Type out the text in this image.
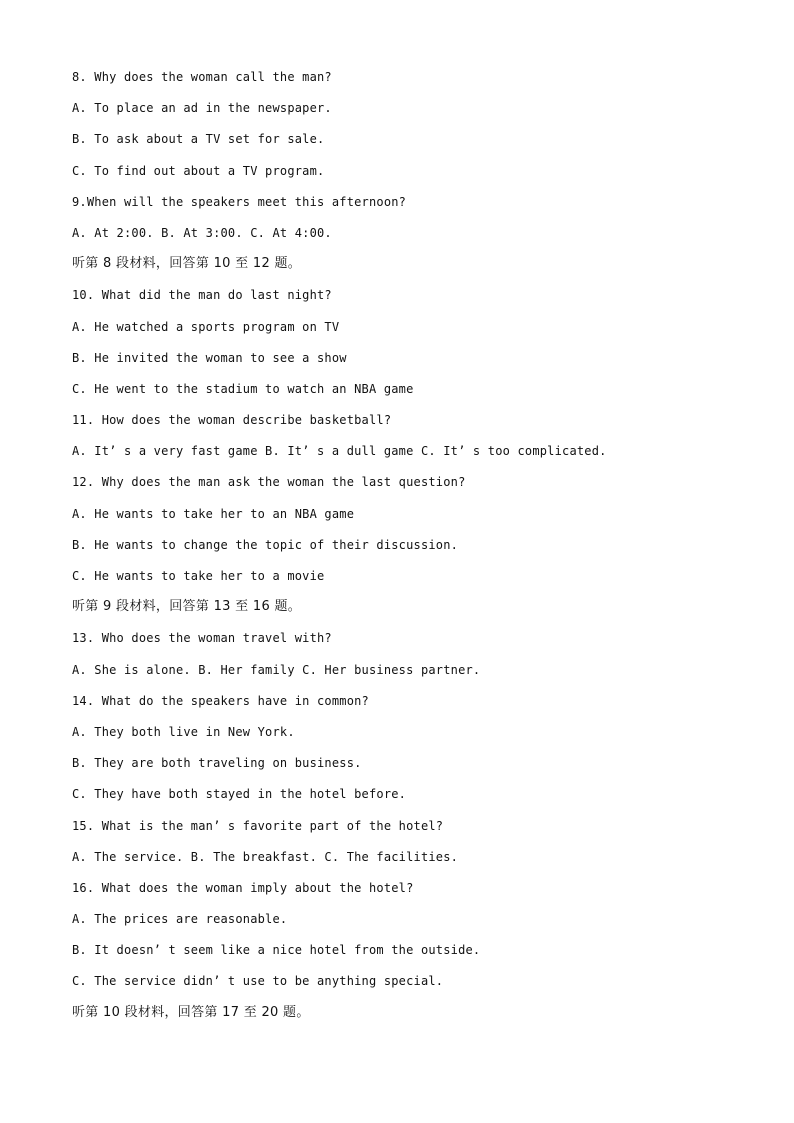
8. Why does the woman call the man?
A. To place an ad in the newspaper.
B. To ask about a TV set for sale.
C. To find out about a TV program.
9.When will the speakers meet this afternoon?
A. At 2:00. B. At 3:00. C. At 4:00.
听第 8 段材料，回答第 10 至 12 题。
10. What did the man do last night?
A. He watched a sports program on TV
B. He invited the woman to see a show
C. He went to the stadium to watch an NBA game
11. How does the woman describe basketball?
A. It’ s a very fast game B. It’ s a dull game C. It’ s too complicated.
12. Why does the man ask the woman the last question?
A. He wants to take her to an NBA game
B. He wants to change the topic of their discussion.
C. He wants to take her to a movie
听第 9 段材料，回答第 13 至 16 题。
13. Who does the woman travel with?
A. She is alone. B. Her family C. Her business partner.
14. What do the speakers have in common?
A. They both live in New York.
B. They are both traveling on business.
C. They have both stayed in the hotel before.
15. What is the man’ s favorite part of the hotel?
A. The service. B. The breakfast. C. The facilities.
16. What does the woman imply about the hotel?
A. The prices are reasonable.
B. It doesn’ t seem like a nice hotel from the outside.
C. The service didn’ t use to be anything special.
听第 10 段材料，回答第 17 至 20 题。
